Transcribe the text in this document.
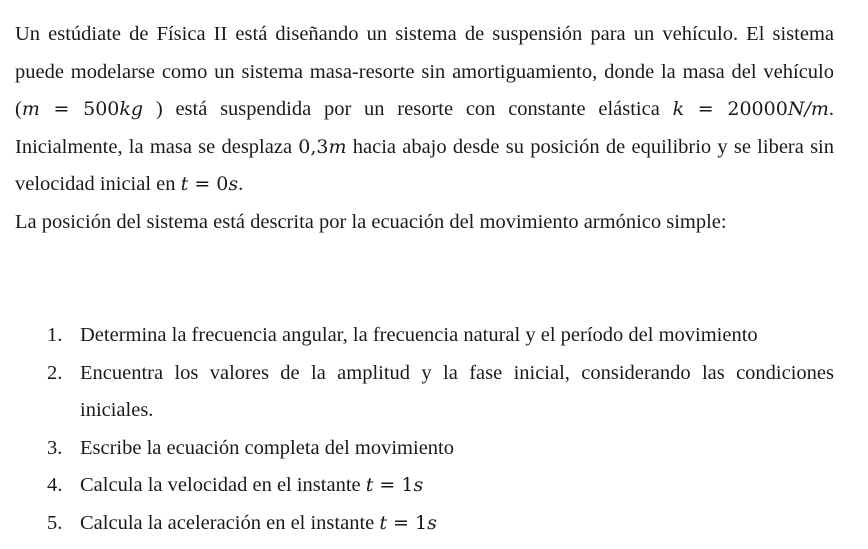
Un estúdiate de Física II está diseñando un sistema de suspensión para un vehículo. El sistema puede modelarse como un sistema masa-resorte sin amortiguamiento, donde la masa del vehículo (m = 500kg ) está suspendida por un resorte con constante elástica k = 20000N/m. Inicialmente, la masa se desplaza 0,3m hacia abajo desde su posición de equilibrio y se libera sin velocidad inicial en t = 0s.

La posición del sistema está descrita por la ecuación del movimiento armónico simple:

1. Determina la frecuencia angular, la frecuencia natural y el período del movimiento
2. Encuentra los valores de la amplitud y la fase inicial, considerando las condiciones iniciales.
3. Escribe la ecuación completa del movimiento
4. Calcula la velocidad en el instante t = 1s
5. Calcula la aceleración en el instante t = 1s
